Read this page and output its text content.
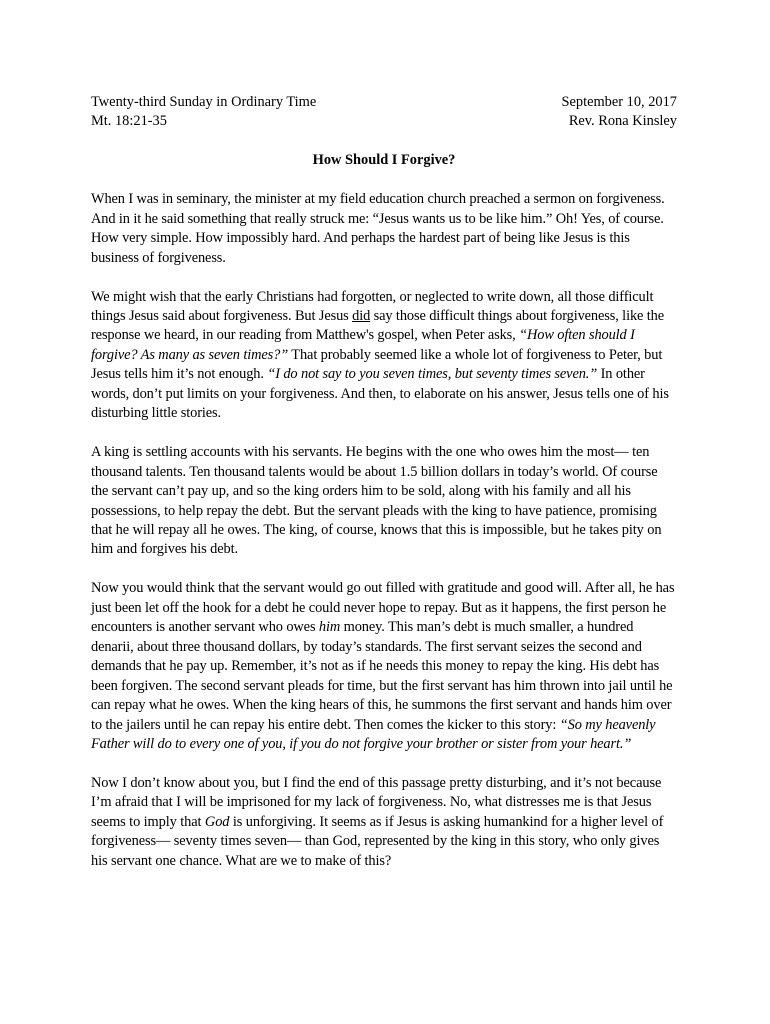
Twenty-third Sunday in Ordinary Time	September 10, 2017
Mt. 18:21-35	Rev. Rona Kinsley
How Should I Forgive?

When I was in seminary, the minister at my field education church preached a sermon on forgiveness. And in it he said something that really struck me: “Jesus wants us to be like him.” Oh! Yes, of course. How very simple. How impossibly hard. And perhaps the hardest part of being like Jesus is this business of forgiveness.

We might wish that the early Christians had forgotten, or neglected to write down, all those difficult things Jesus said about forgiveness. But Jesus did say those difficult things about forgiveness, like the response we heard, in our reading from Matthew's gospel, when Peter asks, “How often should I forgive? As many as seven times?” That probably seemed like a whole lot of forgiveness to Peter, but Jesus tells him it’s not enough. “I do not say to you seven times, but seventy times seven.” In other words, don’t put limits on your forgiveness. And then, to elaborate on his answer, Jesus tells one of his disturbing little stories.

A king is settling accounts with his servants. He begins with the one who owes him the most— ten thousand talents. Ten thousand talents would be about 1.5 billion dollars in today’s world. Of course the servant can’t pay up, and so the king orders him to be sold, along with his family and all his possessions, to help repay the debt. But the servant pleads with the king to have patience, promising that he will repay all he owes. The king, of course, knows that this is impossible, but he takes pity on him and forgives his debt.

Now you would think that the servant would go out filled with gratitude and good will. After all, he has just been let off the hook for a debt he could never hope to repay. But as it happens, the first person he encounters is another servant who owes him money. This man’s debt is much smaller, a hundred denarii, about three thousand dollars, by today’s standards. The first servant seizes the second and demands that he pay up. Remember, it’s not as if he needs this money to repay the king. His debt has been forgiven. The second servant pleads for time, but the first servant has him thrown into jail until he can repay what he owes. When the king hears of this, he summons the first servant and hands him over to the jailers until he can repay his entire debt. Then comes the kicker to this story: “So my heavenly Father will do to every one of you, if you do not forgive your brother or sister from your heart.”

Now I don’t know about you, but I find the end of this passage pretty disturbing, and it’s not because I’m afraid that I will be imprisoned for my lack of forgiveness. No, what distresses me is that Jesus seems to imply that God is unforgiving. It seems as if Jesus is asking humankind for a higher level of forgiveness— seventy times seven— than God, represented by the king in this story, who only gives his servant one chance. What are we to make of this?
